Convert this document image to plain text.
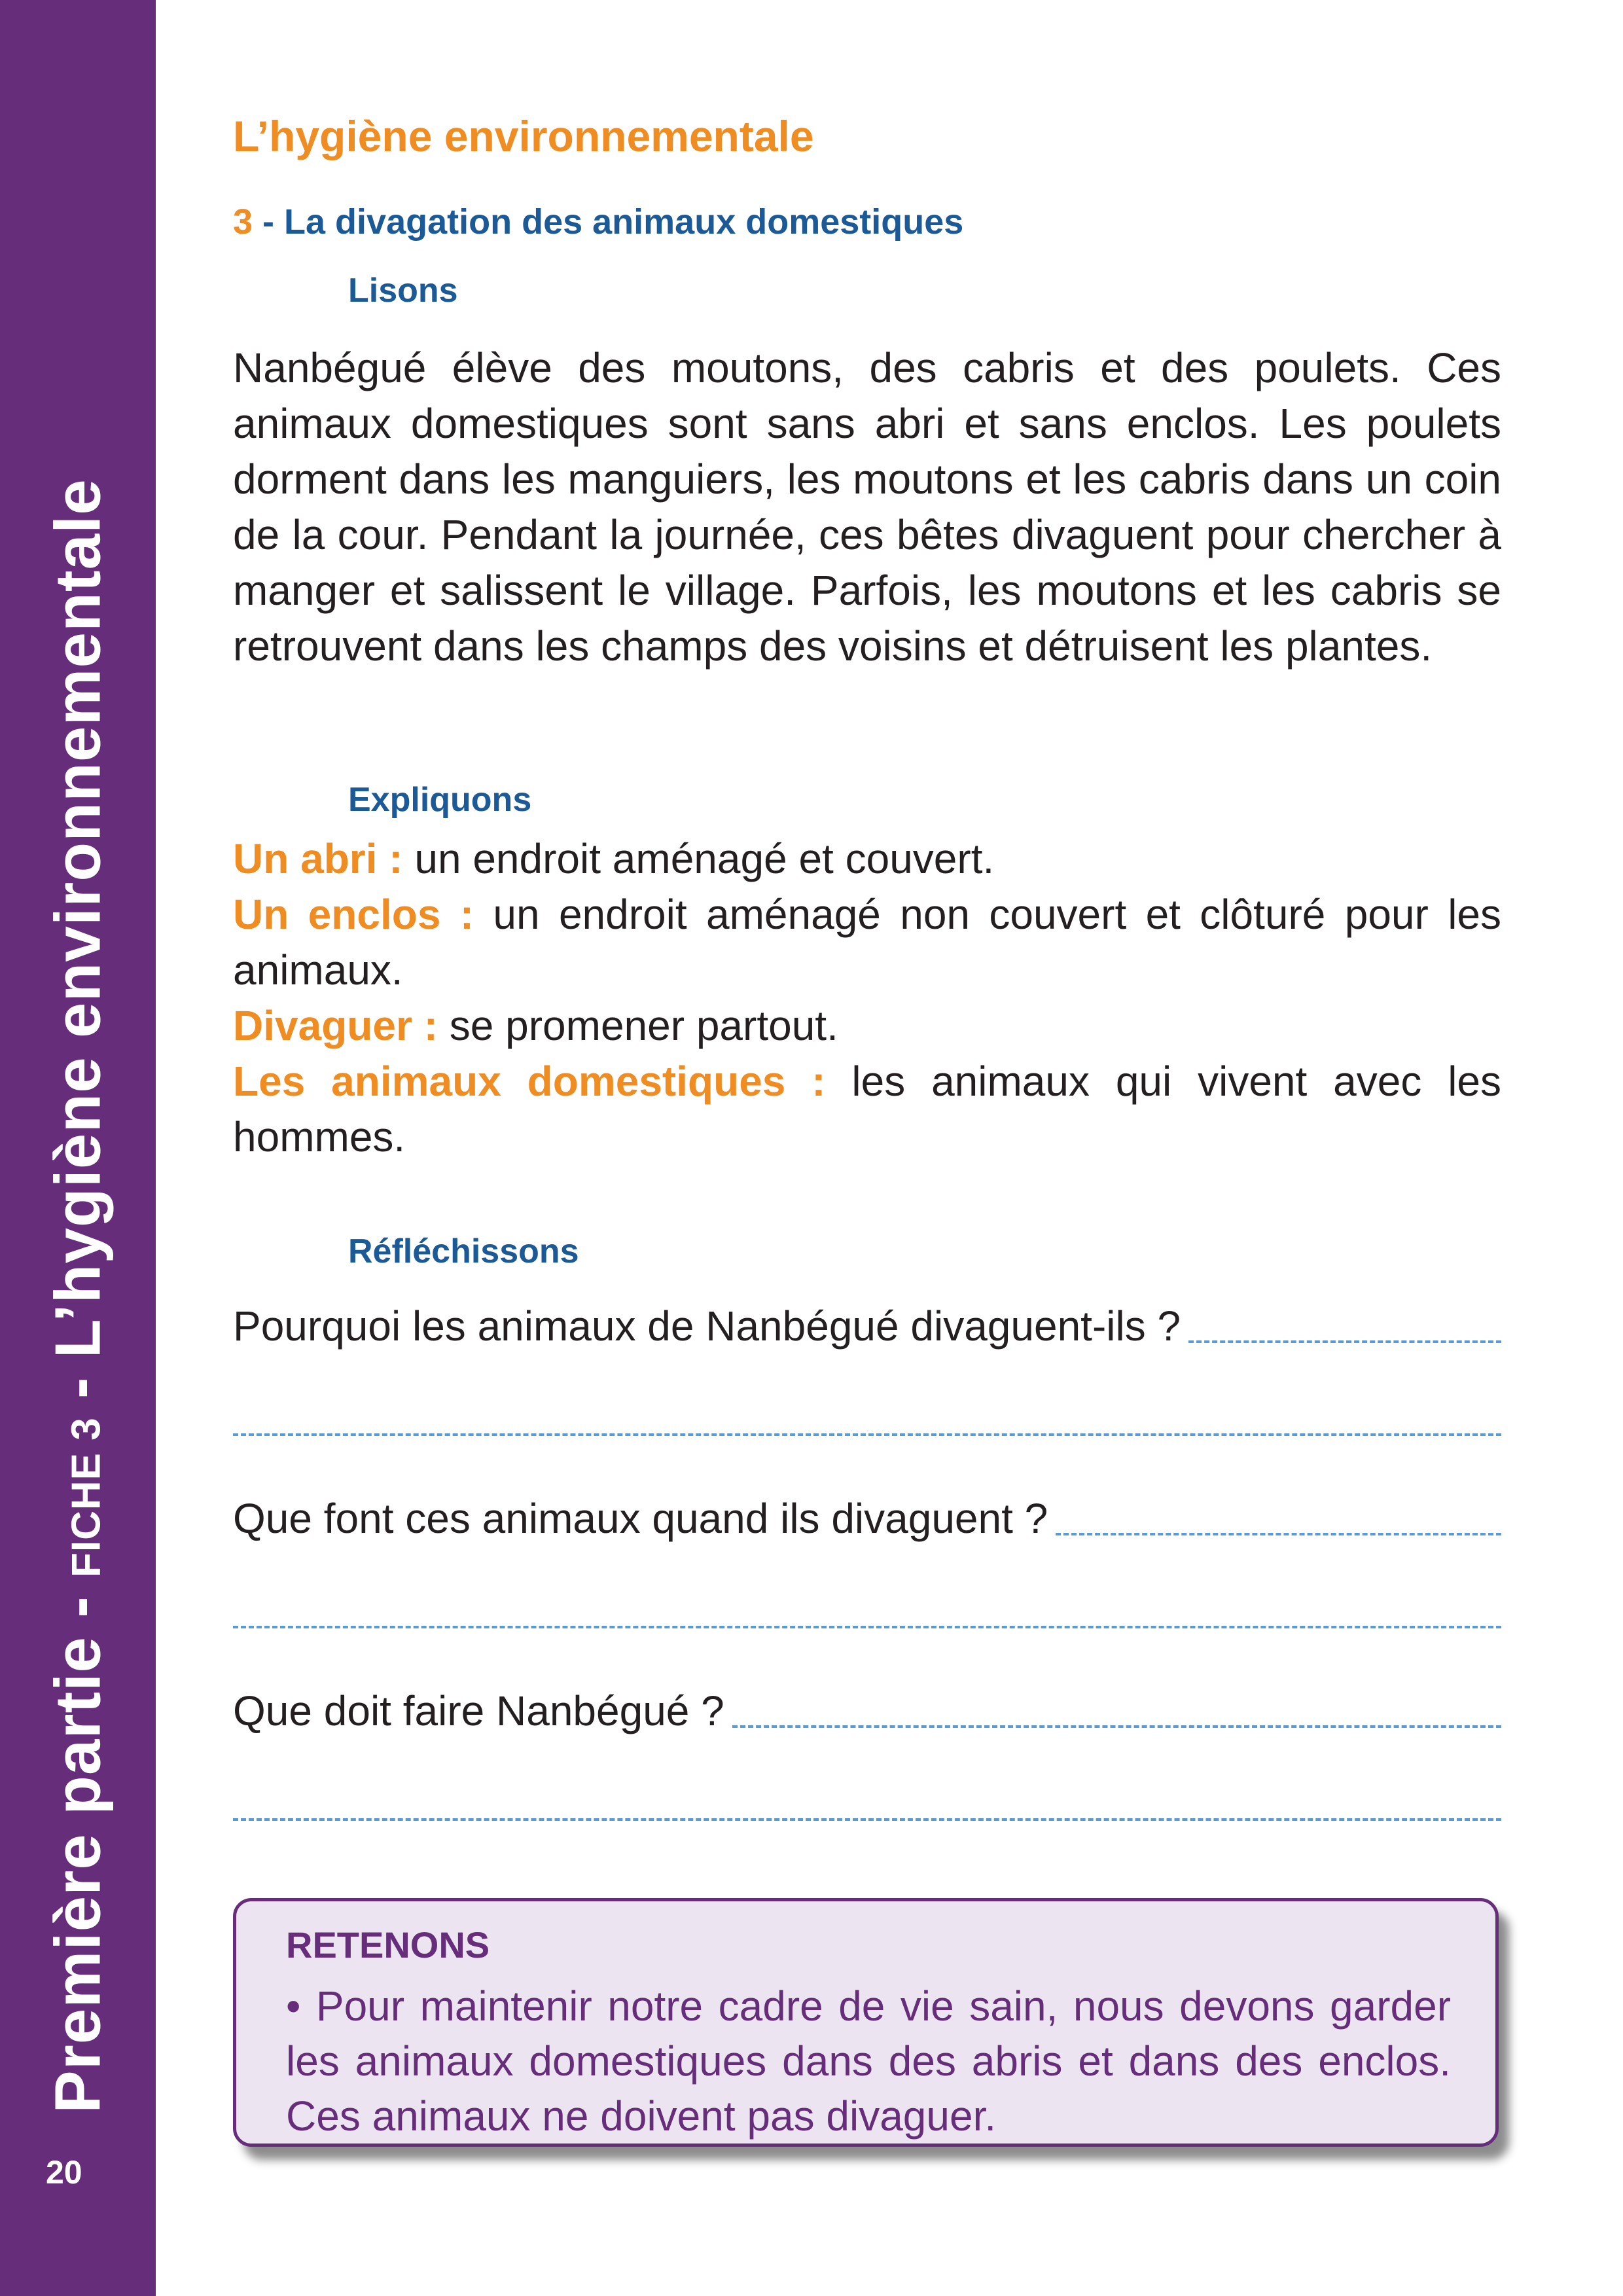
Première partie - FICHE 3 - L’hygiène environnementale
20
L’hygiène environnementale
3 - La divagation des animaux domestiques
Lisons

Nanbégué élève des moutons, des cabris et des poulets. Ces animaux domestiques sont sans abri et sans enclos. Les poulets dorment dans les manguiers, les moutons et les cabris dans un coin de la cour. Pendant la journée, ces bêtes divaguent pour chercher à manger et salissent le village. Parfois, les moutons et les cabris se retrouvent dans les champs des voisins et détruisent les plantes.

Expliquons

Un abri : un endroit aménagé et couvert.

Un enclos : un endroit aménagé non couvert et clôturé pour les animaux.

Divaguer : se promener partout.

Les animaux domestiques : les animaux qui vivent avec les hommes.

Réfléchissons
Pourquoi les animaux de Nanbégué divaguent-ils ?
Que font ces animaux quand ils divaguent ?
Que doit faire Nanbégué ?
RETENONS

• Pour maintenir notre cadre de vie sain, nous devons garder les animaux domestiques dans des abris et dans des enclos. Ces animaux ne doivent pas divaguer.
